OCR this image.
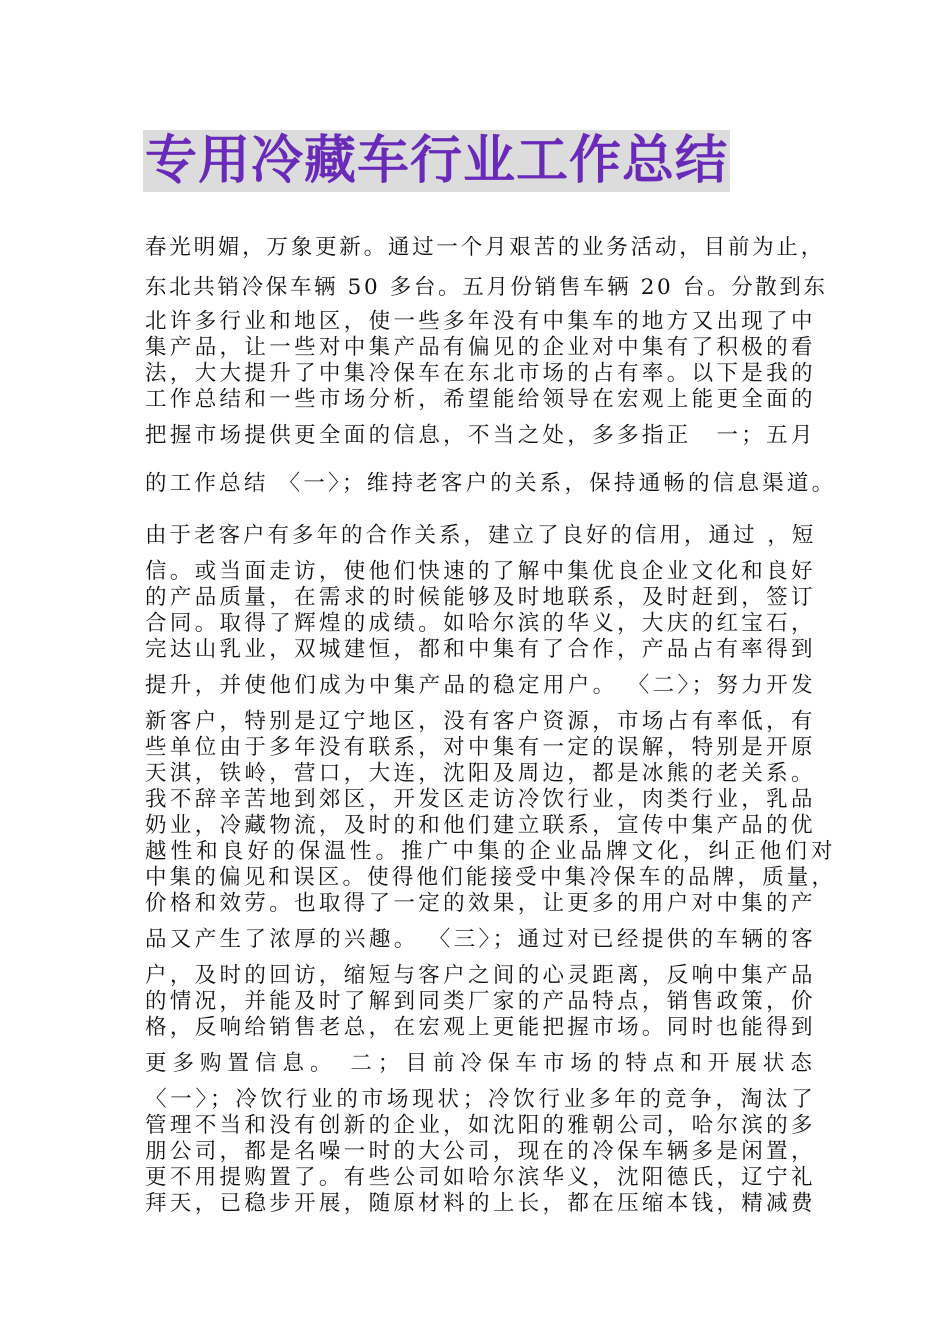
专用冷藏车行业工作总结
春光明媚，万象更新。通过一个月艰苦的业务活动，目前为止，
东北共销冷保车辆 50 多台。五月份销售车辆 20 台。分散到东
北许多行业和地区，使一些多年没有中集车的地方又出现了中
集产品，让一些对中集产品有偏见的企业对中集有了积极的看
法，大大提升了中集冷保车在东北市场的占有率。以下是我的
工作总结和一些市场分析，希望能给领导在宏观上能更全面的
把握市场提供更全面的信息，不当之处，多多指正　一；五月
的工作总结 〈一〉；维持老客户的关系，保持通畅的信息渠道。
由于老客户有多年的合作关系，建立了良好的信用，通过 ，短
信。或当面走访，使他们快速的了解中集优良企业文化和良好
的产品质量，在需求的时候能够及时地联系，及时赶到，签订
合同。取得了辉煌的成绩。如哈尔滨的华义，大庆的红宝石，
完达山乳业，双城建恒，都和中集有了合作，产品占有率得到
提升，并使他们成为中集产品的稳定用户。 〈二〉；努力开发
新客户，特别是辽宁地区，没有客户资源，市场占有率低，有
些单位由于多年没有联系，对中集有一定的误解，特别是开原
天淇，铁岭，营口，大连，沈阳及周边，都是冰熊的老关系。
我不辞辛苦地到郊区，开发区走访冷饮行业，肉类行业，乳品
奶业，冷藏物流，及时的和他们建立联系，宣传中集产品的优
越性和良好的保温性。推广中集的企业品牌文化，纠正他们对
中集的偏见和误区。使得他们能接受中集冷保车的品牌，质量，
价格和效劳。也取得了一定的效果，让更多的用户对中集的产
品又产生了浓厚的兴趣。 〈三〉；通过对已经提供的车辆的客
户，及时的回访，缩短与客户之间的心灵距离，反响中集产品
的情况，并能及时了解到同类厂家的产品特点，销售政策，价
格，反响给销售老总，在宏观上更能把握市场。同时也能得到
更多购置信息。 二；目前冷保车市场的特点和开展状态
〈一〉；冷饮行业的市场现状；冷饮行业多年的竞争，淘汰了
管理不当和没有创新的企业，如沈阳的雅朝公司，哈尔滨的多
朋公司，都是名噪一时的大公司，现在的冷保车辆多是闲置，
更不用提购置了。有些公司如哈尔滨华义，沈阳德氏，辽宁礼
拜天，已稳步开展，随原材料的上长，都在压缩本钱，精减费
